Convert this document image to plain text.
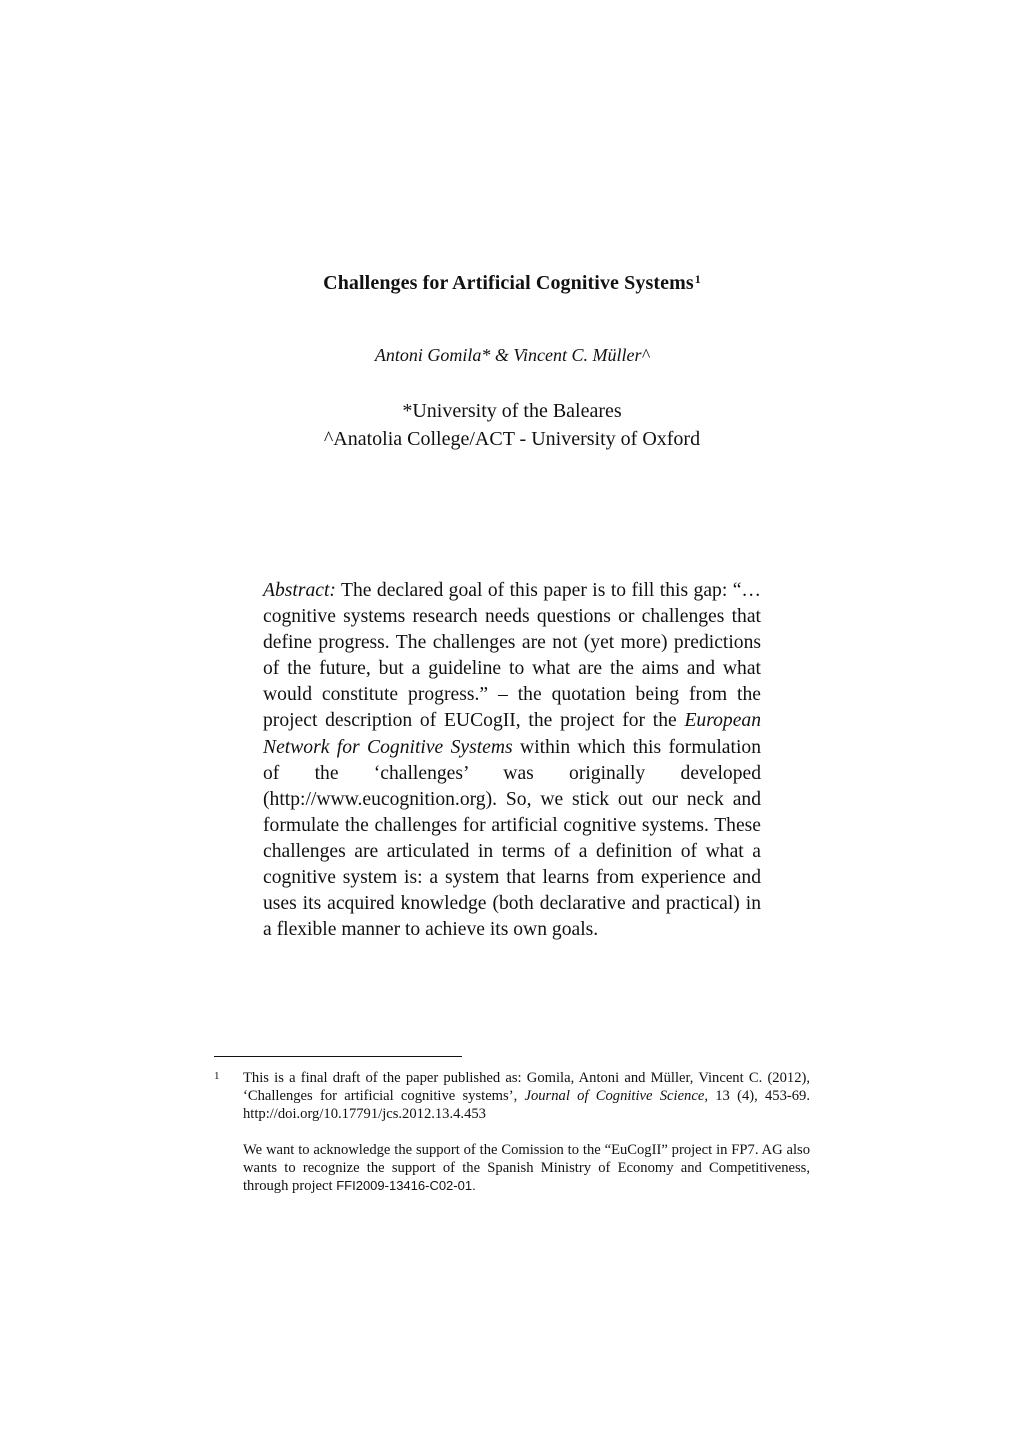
Challenges for Artificial Cognitive Systems$^1$
Antoni Gomila* & Vincent C. Müller^
*University of the Baleares
^Anatolia College/ACT - University of Oxford

Abstract: The declared goal of this paper is to fill this gap: “… cognitive systems research needs questions or challenges that define progress. The challenges are not (yet more) predictions of the future, but a guideline to what are the aims and what would constitute progress.” – the quotation being from the project description of EUCogII, the project for the European Network for Cognitive Systems within which this formulation of the ‘challenges’ was originally developed (http://www.eucognition.org). So, we stick out our neck and formulate the challenges for artificial cognitive systems. These challenges are articulated in terms of a definition of what a cognitive system is: a system that learns from experience and uses its acquired knowledge (both declarative and practical) in a flexible manner to achieve its own goals.

1 This is a final draft of the paper published as: Gomila, Antoni and Müller, Vincent C. (2012), ‘Challenges for artificial cognitive systems’, Journal of Cognitive Science, 13 (4), 453-69. http://doi.org/10.17791/jcs.2012.13.4.453

We want to acknowledge the support of the Comission to the “EuCogII” project in FP7. AG also wants to recognize the support of the Spanish Ministry of Economy and Competitiveness, through project FFI2009-13416-C02-01.
